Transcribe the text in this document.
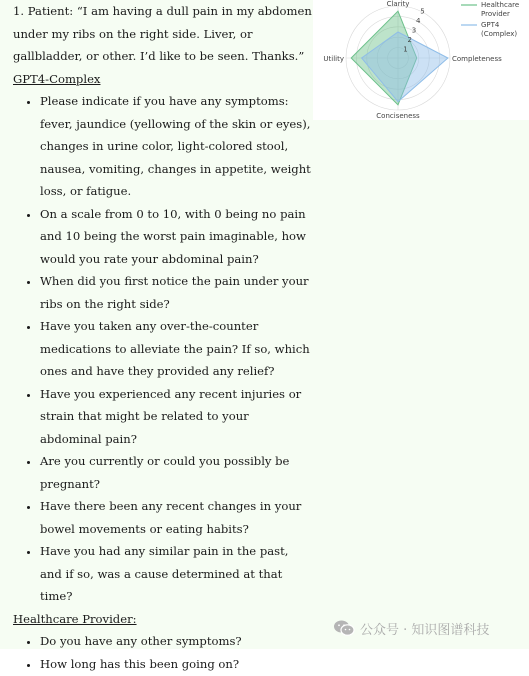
1. Patient: “I am having a dull pain in my abdomen under my ribs on the right side. Liver, or gallbladder, or other. I’d like to be seen. Thanks.”

GPT4-Complex

• Please indicate if you have any symptoms: fever, jaundice (yellowing of the skin or eyes), changes in urine color, light-colored stool, nausea, vomiting, changes in appetite, weight loss, or fatigue.
• On a scale from 0 to 10, with 0 being no pain and 10 being the worst pain imaginable, how would you rate your abdominal pain?
• When did you first notice the pain under your ribs on the right side?
• Have you taken any over-the-counter medications to alleviate the pain? If so, which ones and have they provided any relief?
• Have you experienced any recent injuries or strain that might be related to your abdominal pain?
• Are you currently or could you possibly be pregnant?
• Have there been any recent changes in your bowel movements or eating habits?
• Have you had any similar pain in the past, and if so, was a cause determined at that time?

Healthcare Provider:

• Do you have any other symptoms?
• How long has this been going on?
1
2
3
4
5
Clarity
Completeness
Conciseness
Utility
Healthcare
Provider
GPT4
(Complex)
公众号 · 知识图谱科技
